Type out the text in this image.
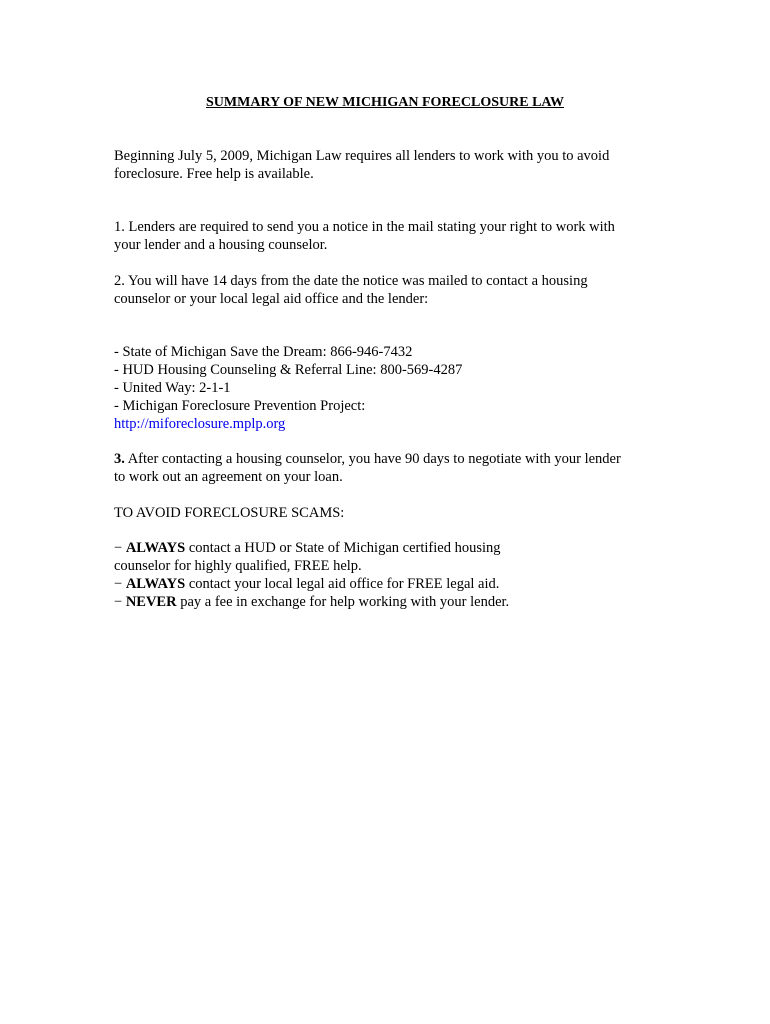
SUMMARY OF NEW MICHIGAN FORECLOSURE LAW
Beginning July 5, 2009, Michigan Law requires all lenders to work with you to avoid
foreclosure. Free help is available.
1. Lenders are required to send you a notice in the mail stating your right to work with
your lender and a housing counselor.
2. You will have 14 days from the date the notice was mailed to contact a housing
counselor or your local legal aid office and the lender:
- State of Michigan Save the Dream: 866-946-7432
- HUD Housing Counseling & Referral Line: 800-569-4287
- United Way: 2-1-1
- Michigan Foreclosure Prevention Project:
http://miforeclosure.mplp.org
3. After contacting a housing counselor, you have 90 days to negotiate with your lender
to work out an agreement on your loan.
TO AVOID FORECLOSURE SCAMS:
− ALWAYS contact a HUD or State of Michigan certified housing
counselor for highly qualified, FREE help.
− ALWAYS contact your local legal aid office for FREE legal aid.
− NEVER pay a fee in exchange for help working with your lender.
